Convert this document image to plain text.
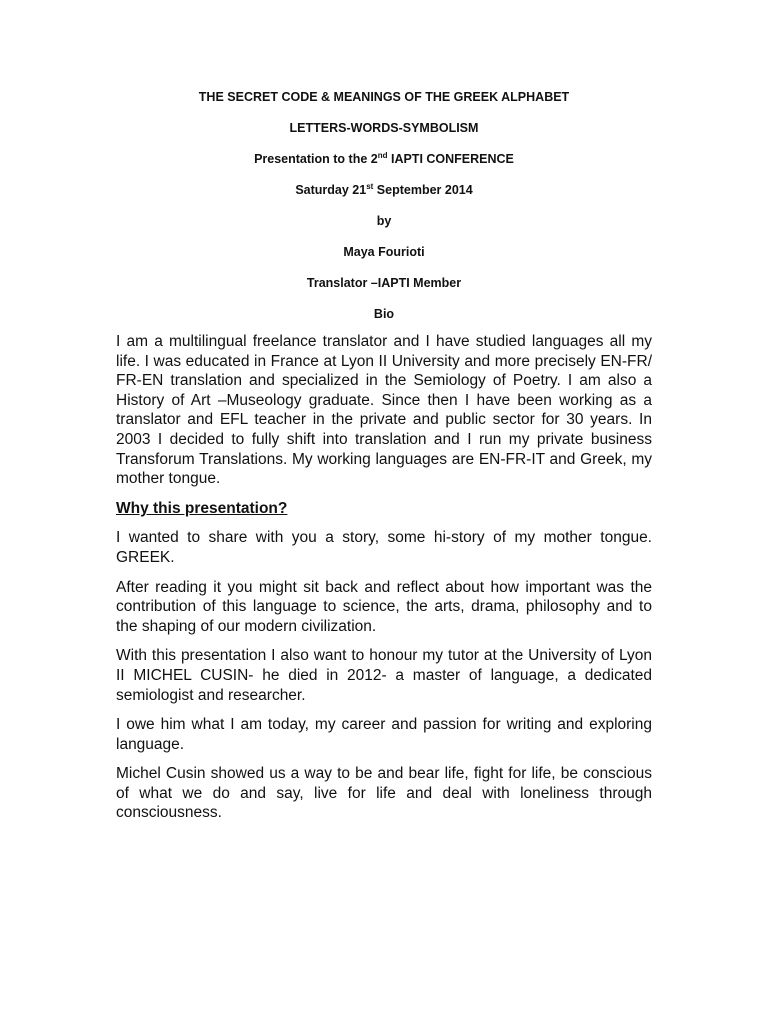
THE SECRET CODE & MEANINGS OF THE GREEK ALPHABET

LETTERS-WORDS-SYMBOLISM

Presentation to the 2nd IAPTI CONFERENCE

Saturday 21st September 2014

by

Maya Fourioti

Translator –IAPTI Member

Bio

I am a multilingual freelance translator and I have studied languages all my life. I was educated in France at Lyon II University and more precisely EN-FR/ FR-EN translation and specialized in the Semiology of Poetry. I am also a History of Art –Museology graduate. Since then I have been working as a translator and EFL teacher in the private and public sector for 30 years. In 2003 I decided to fully shift into translation and I run my private business Transforum Translations. My working languages are EN-FR-IT and Greek, my mother tongue.

Why this presentation?

I wanted to share with you a story, some hi-story of my mother tongue. GREEK.

After reading it you might sit back and reflect about how important was the contribution of this language to science, the arts, drama, philosophy and to the shaping of our modern civilization.

With this presentation I also want to honour my tutor at the University of Lyon II MICHEL CUSIN- he died in 2012- a master of language, a dedicated semiologist and researcher.

I owe him what I am today, my career and passion for writing and exploring language.

Michel Cusin showed us a way to be and bear life, fight for life, be conscious of what we do and say, live for life and deal with loneliness through consciousness.
